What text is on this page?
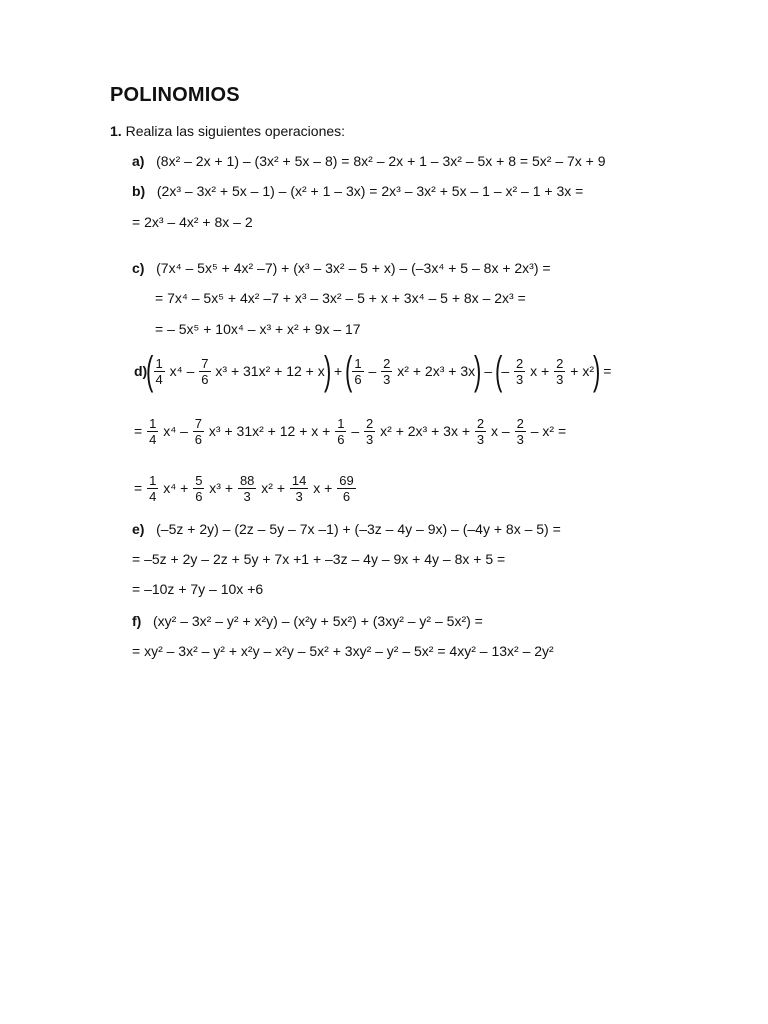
POLINOMIOS
1. Realiza las siguientes operaciones:
a) (8x² – 2x + 1) – (3x² + 5x – 8) = 8x² – 2x + 1 – 3x² – 5x + 8 = 5x² – 7x + 9
b) (2x³ – 3x² + 5x – 1) – (x² + 1 – 3x) = 2x³ – 3x² + 5x – 1 – x² – 1 + 3x =
= 2x³ – 4x² + 8x – 2
c) (7x⁴ – 5x⁵ + 4x² –7) + (x³ – 3x² – 5 + x) – (–3x⁴ + 5 – 8x + 2x³) =
= 7x⁴ – 5x⁵ + 4x² –7 + x³ – 3x² – 5 + x + 3x⁴ – 5 + 8x – 2x³ =
= – 5x⁵ + 10x⁴ – x³ + x² + 9x – 17
d)
( $\frac{1}{4} x^4 - \frac{7}{6} x^3 + 31x^2 + 12 + x$
)
+
( $\frac{1}{6} - \frac{2}{3} x^2 + 2x^3 + 3x$
)
–
(
– $\frac{2}{3}$ $x + \frac{2}{3} + x^2$
)
=
= $\frac{1}{4} x^4 - \frac{7}{6} x^3 + 31x^2 + 12 + x + \frac{1}{6} - \frac{2}{3} x^2 + 2x^3 + 3x + \frac{2}{3}$ x – $\frac{2}{3} - x^2$ =
= $\frac{1}{4} x^4 + \frac{5}{6} x^3 + \frac{88}{3} x^2 + \frac{14}{3}$ $x + \frac{69}{6}$
e) (–5z + 2y) – (2z – 5y – 7x –1) + (–3z – 4y – 9x) – (–4y + 8x – 5) =
= –5z + 2y – 2z + 5y + 7x +1 + –3z – 4y – 9x + 4y – 8x + 5 =
= –10z + 7y – 10x +6
f) (xy² – 3x² – y² + x²y) – (x²y + 5x²) + (3xy² – y² – 5x²) =
= xy² – 3x² – y² + x²y – x²y – 5x² + 3xy² – y² – 5x² = 4xy² – 13x² – 2y²
